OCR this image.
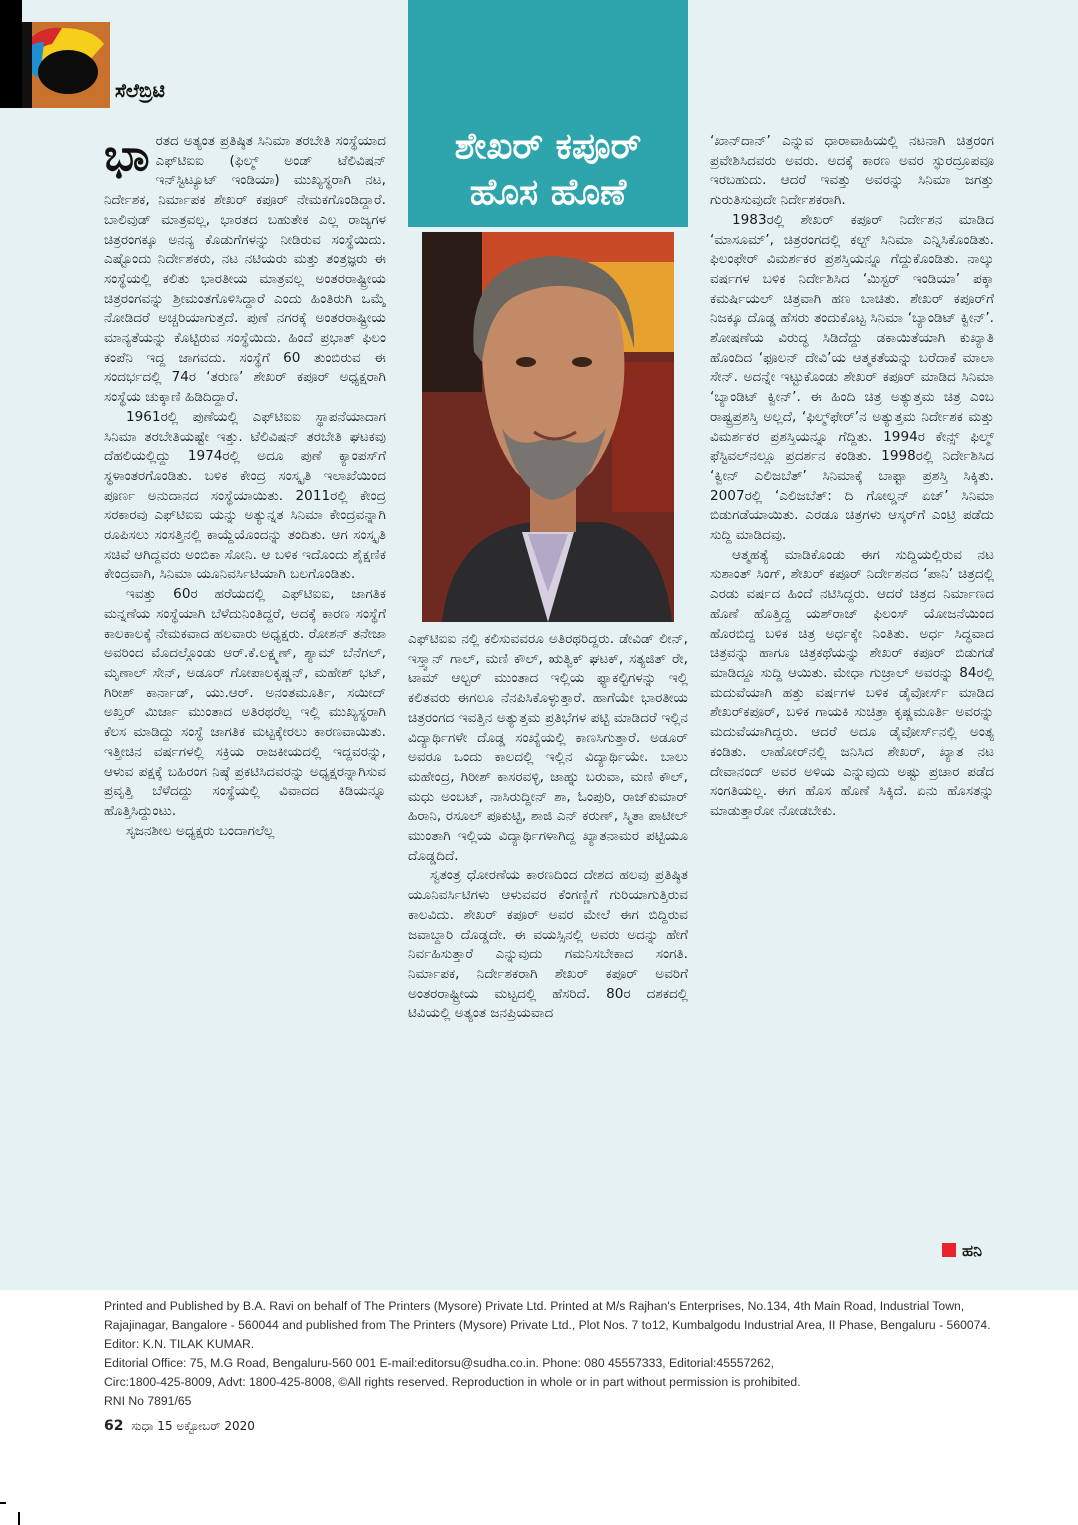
ಸೆಲೆಬ್ರಿಟಿ
ಭಾ ರತದ ಅತ್ಯಂತ ಪ್ರತಿಷ್ಠಿತ ಸಿನಿಮಾ ತರಬೇತಿ ಸಂಸ್ಥೆಯಾದ ಎಫ್‌ಟಿಐಐ (ಫಿಲ್ಮ್ ಅಂಡ್ ಟೆಲಿವಿಷನ್ ಇನ್‌ಸ್ಟಿಟ್ಯೂಟ್ ಇಂಡಿಯಾ) ಮುಖ್ಯಸ್ಥರಾಗಿ ನಟ, ನಿರ್ದೇಶಕ, ನಿರ್ಮಾಪಕ ಶೇಖರ್ ಕಪೂರ್ ನೇಮಕಗೊಂಡಿದ್ದಾರೆ. ಬಾಲಿವುಡ್ ಮಾತ್ರವಲ್ಲ, ಭಾರತದ ಬಹುತೇಕ ಎಲ್ಲ ರಾಜ್ಯಗಳ ಚಿತ್ರರಂಗಕ್ಕೂ ಅನನ್ಯ ಕೊಡುಗೆಗಳನ್ನು ನೀಡಿರುವ ಸಂಸ್ಥೆಯಿದು. ಎಷ್ಟೊಂದು ನಿರ್ದೇಶಕರು, ನಟ ನಟಿಯರು ಮತ್ತು ತಂತ್ರಜ್ಞರು ಈ ಸಂಸ್ಥೆಯಲ್ಲಿ ಕಲಿತು ಭಾರತೀಯ ಮಾತ್ರವಲ್ಲ ಅಂತರರಾಷ್ಟ್ರೀಯ ಚಿತ್ರರಂಗವನ್ನು ಶ್ರೀಮಂತಗೊಳಿಸಿದ್ದಾರೆ ಎಂದು ಹಿಂತಿರುಗಿ ಒಮ್ಮೆ ನೋಡಿದರೆ ಅಚ್ಚರಿಯಾಗುತ್ತದೆ. ಪುಣೆ ನಗರಕ್ಕೆ ಅಂತರರಾಷ್ಟ್ರೀಯ ಮಾನ್ಯತೆಯನ್ನು ಕೊಟ್ಟಿರುವ ಸಂಸ್ಥೆಯಿದು. ಹಿಂದೆ ಪ್ರಭಾತ್ ಫಿಲಂ ಕಂಪೆನಿ ಇದ್ದ ಜಾಗವದು. ಸಂಸ್ಥೆಗೆ 60 ತುಂಬಿರುವ ಈ ಸಂದರ್ಭದಲ್ಲಿ 74ರ ‘ತರುಣ’ ಶೇಖರ್ ಕಪೂರ್ ಅಧ್ಯಕ್ಷರಾಗಿ ಸಂಸ್ಥೆಯ ಚುಕ್ಕಾಣಿ ಹಿಡಿದಿದ್ದಾರೆ.

1961ರಲ್ಲಿ ಪುಣೆಯಲ್ಲಿ ಎಫ್‌ಟಿಐಐ ಸ್ಥಾಪನೆಯಾದಾಗ ಸಿನಿಮಾ ತರಬೇತಿಯಷ್ಟೇ ಇತ್ತು. ಟೆಲಿವಿಷನ್ ತರಬೇತಿ ಘಟಕವು ದೆಹಲಿಯಲ್ಲಿದ್ದು 1974ರಲ್ಲಿ ಅದೂ ಪುಣೆ ಕ್ಯಾಂಪಸ್‌ಗೆ ಸ್ಥಳಾಂತರಗೊಂಡಿತು. ಬಳಿಕ ಕೇಂದ್ರ ಸಂಸ್ಕೃತಿ ಇಲಾಖೆಯಿಂದ ಪೂರ್ಣ ಅನುದಾನದ ಸಂಸ್ಥೆಯಾಯಿತು. 2011ರಲ್ಲಿ ಕೇಂದ್ರ ಸರಕಾರವು ಎಫ್‌ಟಿಐಐ ಯನ್ನು ಅತ್ಯುನ್ನತ ಸಿನಿಮಾ ಕೇಂದ್ರವನ್ನಾಗಿ ರೂಪಿಸಲು ಸಂಸತ್ತಿನಲ್ಲಿ ಕಾಯ್ದೆಯೊಂದನ್ನು ತಂದಿತು. ಆಗ ಸಂಸ್ಕೃತಿ ಸಚಿವೆ ಆಗಿದ್ದವರು ಅಂಬಿಕಾ ಸೋನಿ. ಆ ಬಳಿಕ ಇದೊಂದು ಶೈಕ್ಷಣಿಕ ಕೇಂದ್ರವಾಗಿ, ಸಿನಿಮಾ ಯೂನಿವರ್ಸಿಟಿಯಾಗಿ ಬಲಗೊಂಡಿತು.

ಇವತ್ತು 60ರ ಹರೆಯದಲ್ಲಿ ಎಫ್‌ಟಿಐಐ, ಜಾಗತಿಕ ಮನ್ನಣೆಯ ಸಂಸ್ಥೆಯಾಗಿ ಬೆಳೆದುನಿಂತಿದ್ದರೆ, ಅದಕ್ಕೆ ಕಾರಣ ಸಂಸ್ಥೆಗೆ ಕಾಲಕಾಲಕ್ಕೆ ನೇಮಕವಾದ ಹಲವಾರು ಅಧ್ಯಕ್ಷರು. ರೋಶನ್ ತನೇಜಾ ಅವರಿಂದ ಮೊದಲ್ಗೊಂಡು ಆರ್.ಕೆ.ಲಕ್ಷ್ಮಣ್, ಶ್ಯಾಮ್ ಬೆನೆಗಲ್, ಮೃಣಾಲ್ ಸೇನ್, ಅಡೂರ್ ಗೋಪಾಲಕೃಷ್ಣನ್, ಮಹೇಶ್ ಭಟ್, ಗಿರೀಶ್ ಕಾರ್ನಾಡ್, ಯು.ಆರ್. ಅನಂತಮೂರ್ತಿ, ಸಯೀದ್ ಅಖ್ತರ್ ಮಿರ್ಜಾ ಮುಂತಾದ ಅತಿರಥರೆಲ್ಲ ಇಲ್ಲಿ ಮುಖ್ಯಸ್ಥರಾಗಿ ಕೆಲಸ ಮಾಡಿದ್ದು ಸಂಸ್ಥೆ ಜಾಗತಿಕ ಮಟ್ಟಕ್ಕೇರಲು ಕಾರಣವಾಯಿತು. ಇತ್ತೀಚಿನ ವರ್ಷಗಳಲ್ಲಿ ಸಕ್ರಿಯ ರಾಜಕೀಯದಲ್ಲಿ ಇದ್ದವರನ್ನು, ಆಳುವ ಪಕ್ಷಕ್ಕೆ ಬಹಿರಂಗ ನಿಷ್ಠೆ ಪ್ರಕಟಿಸಿದವರನ್ನು ಅಧ್ಯಕ್ಷರನ್ನಾಗಿಸುವ ಪ್ರವೃತ್ತಿ ಬೆಳೆದದ್ದು ಸಂಸ್ಥೆಯಲ್ಲಿ ವಿವಾದದ ಕಿಡಿಯನ್ನೂ ಹೊತ್ತಿಸಿದ್ದುಂಟು.

ಸೃಜನಶೀಲ ಅಧ್ಯಕ್ಷರು ಬಂದಾಗಲೆಲ್ಲ

ಶೇಖರ್ ಕಪೂರ್
ಹೊಸ ಹೊಣೆ

ಎಫ್‌ಟಿಐಐ ನಲ್ಲಿ ಕಲಿಸುವವರೂ ಅತಿರಥರಿದ್ದರು. ಡೇವಿಡ್ ಲೀನ್, ಇಸ್ತ್ವಾನ್ ಗಾಲ್, ಮಣಿ ಕೌಲ್, ಋತ್ವಿಕ್ ಘಟಕ್, ಸತ್ಯಜಿತ್ ರೇ, ಟಾಮ್ ಆಲ್ಟರ್ ಮುಂತಾದ ಇಲ್ಲಿಯ ಫ್ಯಾಕಲ್ಟಿಗಳನ್ನು ಇಲ್ಲಿ ಕಲಿತವರು ಈಗಲೂ ನೆನಪಿಸಿಕೊಳ್ಳುತ್ತಾರೆ. ಹಾಗೆಯೇ ಭಾರತೀಯ ಚಿತ್ರರಂಗದ ಇವತ್ತಿನ ಅತ್ಯುತ್ತಮ ಪ್ರತಿಭೆಗಳ ಪಟ್ಟಿ ಮಾಡಿದರೆ ಇಲ್ಲಿನ ವಿದ್ಯಾರ್ಥಿಗಳೇ ದೊಡ್ಡ ಸಂಖ್ಯೆಯಲ್ಲಿ ಕಾಣಸಿಗುತ್ತಾರೆ. ಅಡೂರ್ ಅವರೂ ಒಂದು ಕಾಲದಲ್ಲಿ ಇಲ್ಲಿನ ವಿದ್ಯಾರ್ಥಿಯೇ. ಬಾಲು ಮಹೇಂದ್ರ, ಗಿರೀಶ್ ಕಾಸರವಳ್ಳಿ, ಜಾಹ್ನು ಬರುವಾ, ಮಣಿ ಕೌಲ್, ಮಧು ಅಂಬಟ್, ನಾಸಿರುದ್ದೀನ್ ಶಾ, ಓಂಪುರಿ, ರಾಜ್‌ಕುಮಾರ್ ಹಿರಾನಿ, ರಸೂಲ್ ಪೂಕುಟ್ಟಿ, ಶಾಜಿ ಎನ್ ಕರುಣ್, ಸ್ಮಿತಾ ಪಾಟೀಲ್ ಮುಂತಾಗಿ ಇಲ್ಲಿಯ ವಿದ್ಯಾರ್ಥಿಗಳಾಗಿದ್ದ ಖ್ಯಾತನಾಮರ ಪಟ್ಟಿಯೂ ದೊಡ್ಡದಿದೆ.

ಸ್ವತಂತ್ರ ಧೋರಣೆಯ ಕಾರಣದಿಂದ ದೇಶದ ಹಲವು ಪ್ರತಿಷ್ಠಿತ ಯೂನಿವರ್ಸಿಟಿಗಳು ಆಳುವವರ ಕೆಂಗಣ್ಣಿಗೆ ಗುರಿಯಾಗುತ್ತಿರುವ ಕಾಲವಿದು. ಶೇಖರ್ ಕಪೂರ್ ಅವರ ಮೇಲೆ ಈಗ ಬಿದ್ದಿರುವ ಜವಾಬ್ದಾರಿ ದೊಡ್ಡದೇ. ಈ ವಯಸ್ಸಿನಲ್ಲಿ ಅವರು ಅದನ್ನು ಹೇಗೆ ನಿರ್ವಹಿಸುತ್ತಾರೆ ಎನ್ನುವುದು ಗಮನಿಸಬೇಕಾದ ಸಂಗತಿ. ನಿರ್ಮಾಪಕ, ನಿರ್ದೇಶಕರಾಗಿ ಶೇಖರ್ ಕಪೂರ್ ಅವರಿಗೆ ಅಂತರರಾಷ್ಟ್ರೀಯ ಮಟ್ಟದಲ್ಲಿ ಹೆಸರಿದೆ. 80ರ ದಶಕದಲ್ಲಿ ಟಿವಿಯಲ್ಲಿ ಅತ್ಯಂತ ಜನಪ್ರಿಯವಾದ

‘ಖಾನ್‌ದಾನ್’ ಎನ್ನುವ ಧಾರಾವಾಹಿಯಲ್ಲಿ ನಟನಾಗಿ ಚಿತ್ರರಂಗ ಪ್ರವೇಶಿಸಿದವರು ಅವರು. ಅದಕ್ಕೆ ಕಾರಣ ಅವರ ಸ್ಫುರದ್ರೂಪವೂ ಇರಬಹುದು. ಆದರೆ ಇವತ್ತು ಅವರನ್ನು ಸಿನಿಮಾ ಜಗತ್ತು ಗುರುತಿಸುವುದೇ ನಿರ್ದೇಶಕರಾಗಿ.

1983ರಲ್ಲಿ ಶೇಖರ್ ಕಪೂರ್ ನಿರ್ದೇಶನ ಮಾಡಿದ ‘ಮಾಸೂಮ್’, ಚಿತ್ರರಂಗದಲ್ಲಿ ಕಲ್ಟ್ ಸಿನಿಮಾ ಎನ್ನಿಸಿಕೊಂಡಿತು. ಫಿಲಂಫೇರ್ ವಿಮರ್ಶಕರ ಪ್ರಶಸ್ತಿಯನ್ನೂ ಗೆದ್ದುಕೊಂಡಿತು. ನಾಲ್ಕು ವರ್ಷಗಳ ಬಳಿಕ ನಿರ್ದೇಶಿಸಿದ ‘ಮಿಸ್ಟರ್ ಇಂಡಿಯಾ’ ಪಕ್ಕಾ ಕಮರ್ಷಿಯಲ್ ಚಿತ್ರವಾಗಿ ಹಣ ಬಾಚಿತು. ಶೇಖರ್ ಕಪೂರ್‌ಗೆ ನಿಜಕ್ಕೂ ದೊಡ್ಡ ಹೆಸರು ತಂದುಕೊಟ್ಟ ಸಿನಿಮಾ ‘ಬ್ಯಾಂಡಿಟ್ ಕ್ವೀನ್’. ಶೋಷಣೆಯ ವಿರುದ್ಧ ಸಿಡಿದೆದ್ದು ಡಕಾಯಿತೆಯಾಗಿ ಕುಖ್ಯಾತಿ ಹೊಂದಿದ ‘ಫೂಲನ್ ದೇವಿ’ಯ ಆತ್ಮಕತೆಯನ್ನು ಬರೆದಾಕೆ ಮಾಲಾ ಸೇನ್. ಅದನ್ನೇ ಇಟ್ಟುಕೊಂಡು ಶೇಖರ್ ಕಪೂರ್ ಮಾಡಿದ ಸಿನಿಮಾ ‘ಬ್ಯಾಂಡಿಟ್ ಕ್ವೀನ್’. ಈ ಹಿಂದಿ ಚಿತ್ರ ಅತ್ಯುತ್ತಮ ಚಿತ್ರ ಎಂಬ ರಾಷ್ಟ್ರಪ್ರಶಸ್ತಿ ಅಲ್ಲದೆ, ‘ಫಿಲ್ಮ್‌ಫೇರ್’ನ ಅತ್ಯುತ್ತಮ ನಿರ್ದೇಶಕ ಮತ್ತು ವಿಮರ್ಶಕರ ಪ್ರಶಸ್ತಿಯನ್ನೂ ಗೆದ್ದಿತು. 1994ರ ಕೇನ್ಸ್ ಫಿಲ್ಮ್ ಫೆಸ್ಟಿವಲ್‌ನಲ್ಲೂ ಪ್ರದರ್ಶನ ಕಂಡಿತು. 1998ರಲ್ಲಿ ನಿರ್ದೇಶಿಸಿದ ‘ಕ್ವೀನ್ ಎಲಿಜಬೆತ್’ ಸಿನಿಮಾಕ್ಕೆ ಬಾಫ್ಟಾ ಪ್ರಶಸ್ತಿ ಸಿಕ್ಕಿತು. 2007ರಲ್ಲಿ ‘ಎಲಿಜಬೆತ್: ದಿ ಗೋಲ್ಡನ್ ಏಜ್’ ಸಿನಿಮಾ ಬಿಡುಗಡೆಯಾಯಿತು. ಎರಡೂ ಚಿತ್ರಗಳು ಆಸ್ಕರ್‌ಗೆ ಎಂಟ್ರಿ ಪಡೆದು ಸುದ್ದಿ ಮಾಡಿದವು.

ಆತ್ಮಹತ್ಯೆ ಮಾಡಿಕೊಂಡು ಈಗ ಸುದ್ದಿಯಲ್ಲಿರುವ ನಟ ಸುಶಾಂತ್ ಸಿಂಗ್, ಶೇಖರ್ ಕಪೂರ್ ನಿರ್ದೇಶನದ ‘ಪಾನಿ’ ಚಿತ್ರದಲ್ಲಿ ಎರಡು ವರ್ಷದ ಹಿಂದೆ ನಟಿಸಿದ್ದರು. ಆದರೆ ಚಿತ್ರದ ನಿರ್ಮಾಣದ ಹೊಣೆ ಹೊತ್ತಿದ್ದ ಯಶ್‌ರಾಜ್ ಫಿಲಂಸ್ ಯೋಜನೆಯಿಂದ ಹೊರಬಿದ್ದ ಬಳಿಕ ಚಿತ್ರ ಅರ್ಧಕ್ಕೇ ನಿಂತಿತು. ಅರ್ಧ ಸಿದ್ಧವಾದ ಚಿತ್ರವನ್ನು ಹಾಗೂ ಚಿತ್ರಕಥೆಯನ್ನು ಶೇಖರ್ ಕಪೂರ್ ಬಿಡುಗಡೆ ಮಾಡಿದ್ದೂ ಸುದ್ದಿ ಆಯಿತು. ಮೇಧಾ ಗುಜ್ರಾಲ್ ಅವರನ್ನು 84ರಲ್ಲಿ ಮದುವೆಯಾಗಿ ಹತ್ತು ವರ್ಷಗಳ ಬಳಿಕ ಡೈವೋರ್ಸ್ ಮಾಡಿದ ಶೇಖರ್‌ಕಪೂರ್, ಬಳಿಕ ಗಾಯಕಿ ಸುಚಿತ್ರಾ ಕೃಷ್ಣಮೂರ್ತಿ ಅವರನ್ನು ಮದುವೆಯಾಗಿದ್ದರು. ಆದರೆ ಅದೂ ಡೈವೋರ್ಸ್‌ನಲ್ಲಿ ಅಂತ್ಯ ಕಂಡಿತು. ಲಾಹೋರ್‌ನಲ್ಲಿ ಜನಿಸಿದ ಶೇಖರ್, ಖ್ಯಾತ ನಟ ದೇವಾನಂದ್ ಅವರ ಅಳಿಯ ಎನ್ನುವುದು ಅಷ್ಟು ಪ್ರಚಾರ ಪಡೆದ ಸಂಗತಿಯಲ್ಲ. ಈಗ ಹೊಸ ಹೊಣೆ ಸಿಕ್ಕಿದೆ. ಏನು ಹೊಸತನ್ನು ಮಾಡುತ್ತಾರೋ ನೋಡಬೇಕು.

ಹನಿ

Printed and Published by B.A. Ravi on behalf of The Printers (Mysore) Private Ltd. Printed at M/s Rajhan's Enterprises, No.134, 4th Main Road, Industrial Town, Rajajinagar, Bangalore - 560044 and published from The Printers (Mysore) Private Ltd., Plot Nos. 7 to12, Kumbalgodu Industrial Area, II Phase, Bengaluru - 560074. Editor: K.N. TILAK KUMAR.

Editorial Office: 75, M.G Road, Bengaluru-560 001 E-mail:editorsu@sudha.co.in. Phone: 080 45557333, Editorial:45557262,

Circ:1800-425-8009, Advt: 1800-425-8008, ©All rights reserved. Reproduction in whole or in part without permission is prohibited.

RNI No 7891/65

62 ಸುಧಾ 15 ಅಕ್ಟೋಬರ್ 2020
